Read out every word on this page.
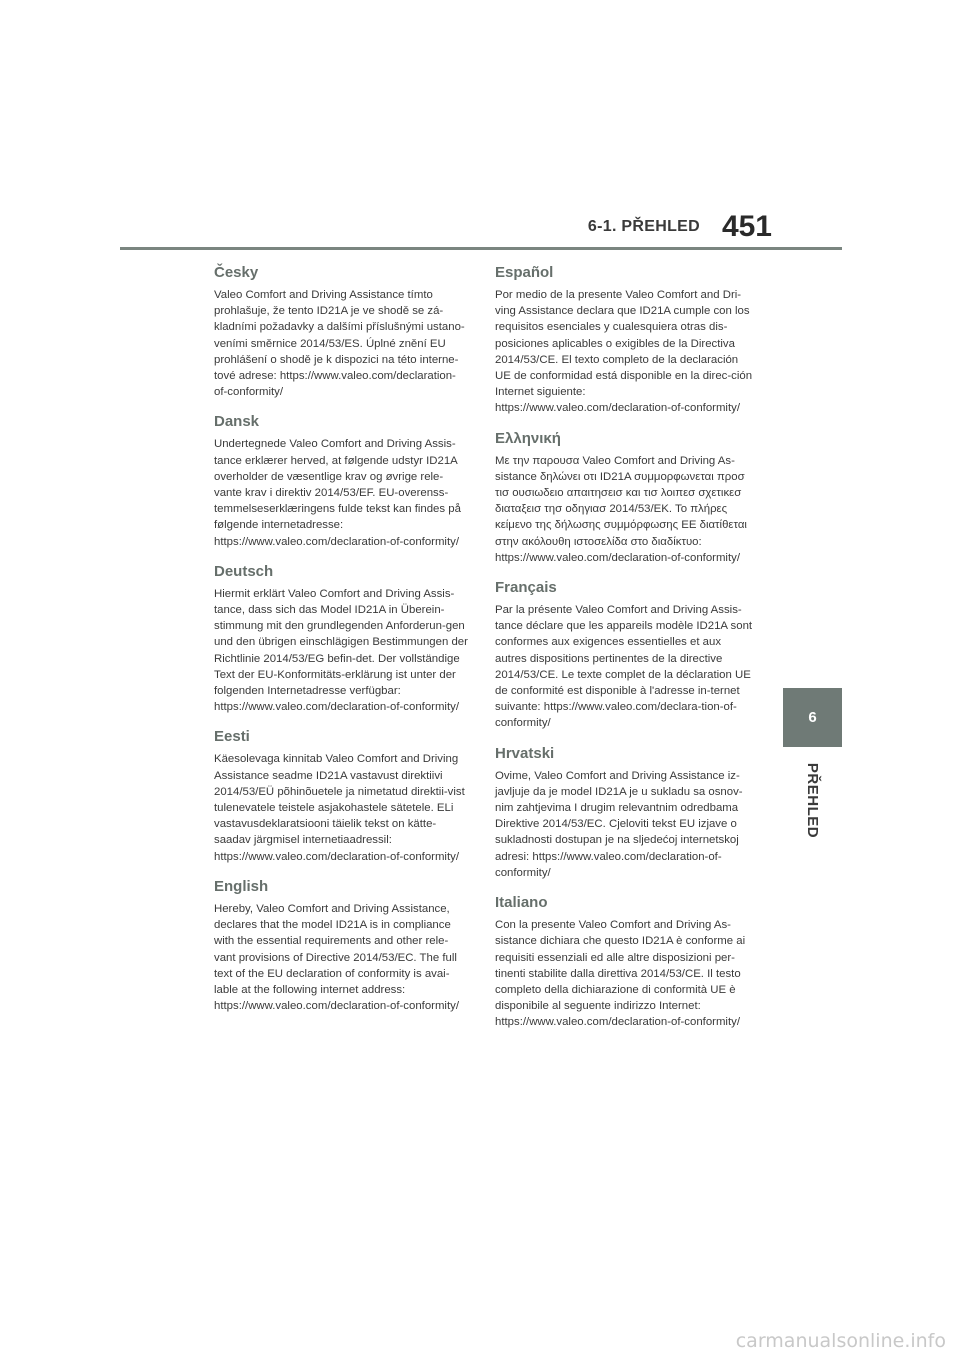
6-1. PŘEHLED 451
Česky

Valeo Comfort and Driving Assistance tímto prohlašuje, že tento ID21A je ve shodě se zá-kladními požadavky a dalšími příslušnými ustano-veními směrnice 2014/53/ES. Úplné znění EU prohlášení o shodě je k dispozici na této interne-tové adrese: https://www.valeo.com/declaration-of-conformity/

Dansk

Undertegnede Valeo Comfort and Driving Assis-tance erklærer herved, at følgende udstyr ID21A overholder de væsentlige krav og øvrige rele-vante krav i direktiv 2014/53/EF. EU-overenss-temmelseserklæringens fulde tekst kan findes på følgende internetadresse: https://www.valeo.com/declaration-of-conformity/

Deutsch

Hiermit erklärt Valeo Comfort and Driving Assis-tance, dass sich das Model ID21A in Überein-stimmung mit den grundlegenden Anforderun-gen und den übrigen einschlägigen Bestimmungen der Richtlinie 2014/53/EG befin-det. Der vollständige Text der EU-Konformitäts-erklärung ist unter der folgenden Internetadresse verfügbar: https://www.valeo.com/declaration-of-conformity/

Eesti

Käesolevaga kinnitab Valeo Comfort and Driving Assistance seadme ID21A vastavust direktiivi 2014/53/EÜ põhinõuetele ja nimetatud direktii-vist tulenevatele teistele asjakohastele sätetele. ELi vastavusdeklaratsiooni täielik tekst on kätte-saadav järgmisel internetiaadressil: https://www.valeo.com/declaration-of-conformity/

English

Hereby, Valeo Comfort and Driving Assistance, declares that the model ID21A is in compliance with the essential requirements and other rele-vant provisions of Directive 2014/53/EC. The full text of the EU declaration of conformity is avai-lable at the following internet address: https://www.valeo.com/declaration-of-conformity/

Español

Por medio de la presente Valeo Comfort and Dri-ving Assistance declara que ID21A cumple con los requisitos esenciales y cualesquiera otras dis-posiciones aplicables o exigibles de la Directiva 2014/53/CE. El texto completo de la declaración UE de conformidad está disponible en la direc-ción Internet siguiente: https://www.valeo.com/declaration-of-conformity/

Ελληνική

Με την παρουσα Valeo Comfort and Driving As-sistance δηλώνει οτι ID21A συμμορφωνεται προσ τισ ουσιωδειο απαιτησεισ και τισ λοιπεσ σχετικεσ διαταξεισ τησ οδηγιασ 2014/53/ΕΚ. Το πλήρες κείμενο της δήλωσης συμμόρφωσης ΕΕ διατίθεται στην ακόλουθη ιστοσελίδα στο διαδίκτυο: https://www.valeo.com/declaration-of-conformity/

Français

Par la présente Valeo Comfort and Driving Assis-tance déclare que les appareils modèle ID21A sont conformes aux exigences essentielles et aux autres dispositions pertinentes de la directive 2014/53/CE. Le texte complet de la déclaration UE de conformité est disponible à l'adresse in-ternet suivante: https://www.valeo.com/declara-tion-of-conformity/

Hrvatski

Ovime, Valeo Comfort and Driving Assistance iz-javljuje da je model ID21A je u sukladu sa osnov-nim zahtjevima I drugim relevantnim odredbama Direktive 2014/53/EC. Cjeloviti tekst EU izjave o sukladnosti dostupan je na sljedećoj internetskoj adresi: https://www.valeo.com/declaration-of-conformity/

Italiano

Con la presente Valeo Comfort and Driving As-sistance dichiara che questo ID21A è conforme ai requisiti essenziali ed alle altre disposizioni per-tinenti stabilite dalla direttiva 2014/53/CE. Il testo completo della dichiarazione di conformità UE è disponibile al seguente indirizzo Internet: https://www.valeo.com/declaration-of-conformity/

6
PŘEHLED
carmanualsonline.info
